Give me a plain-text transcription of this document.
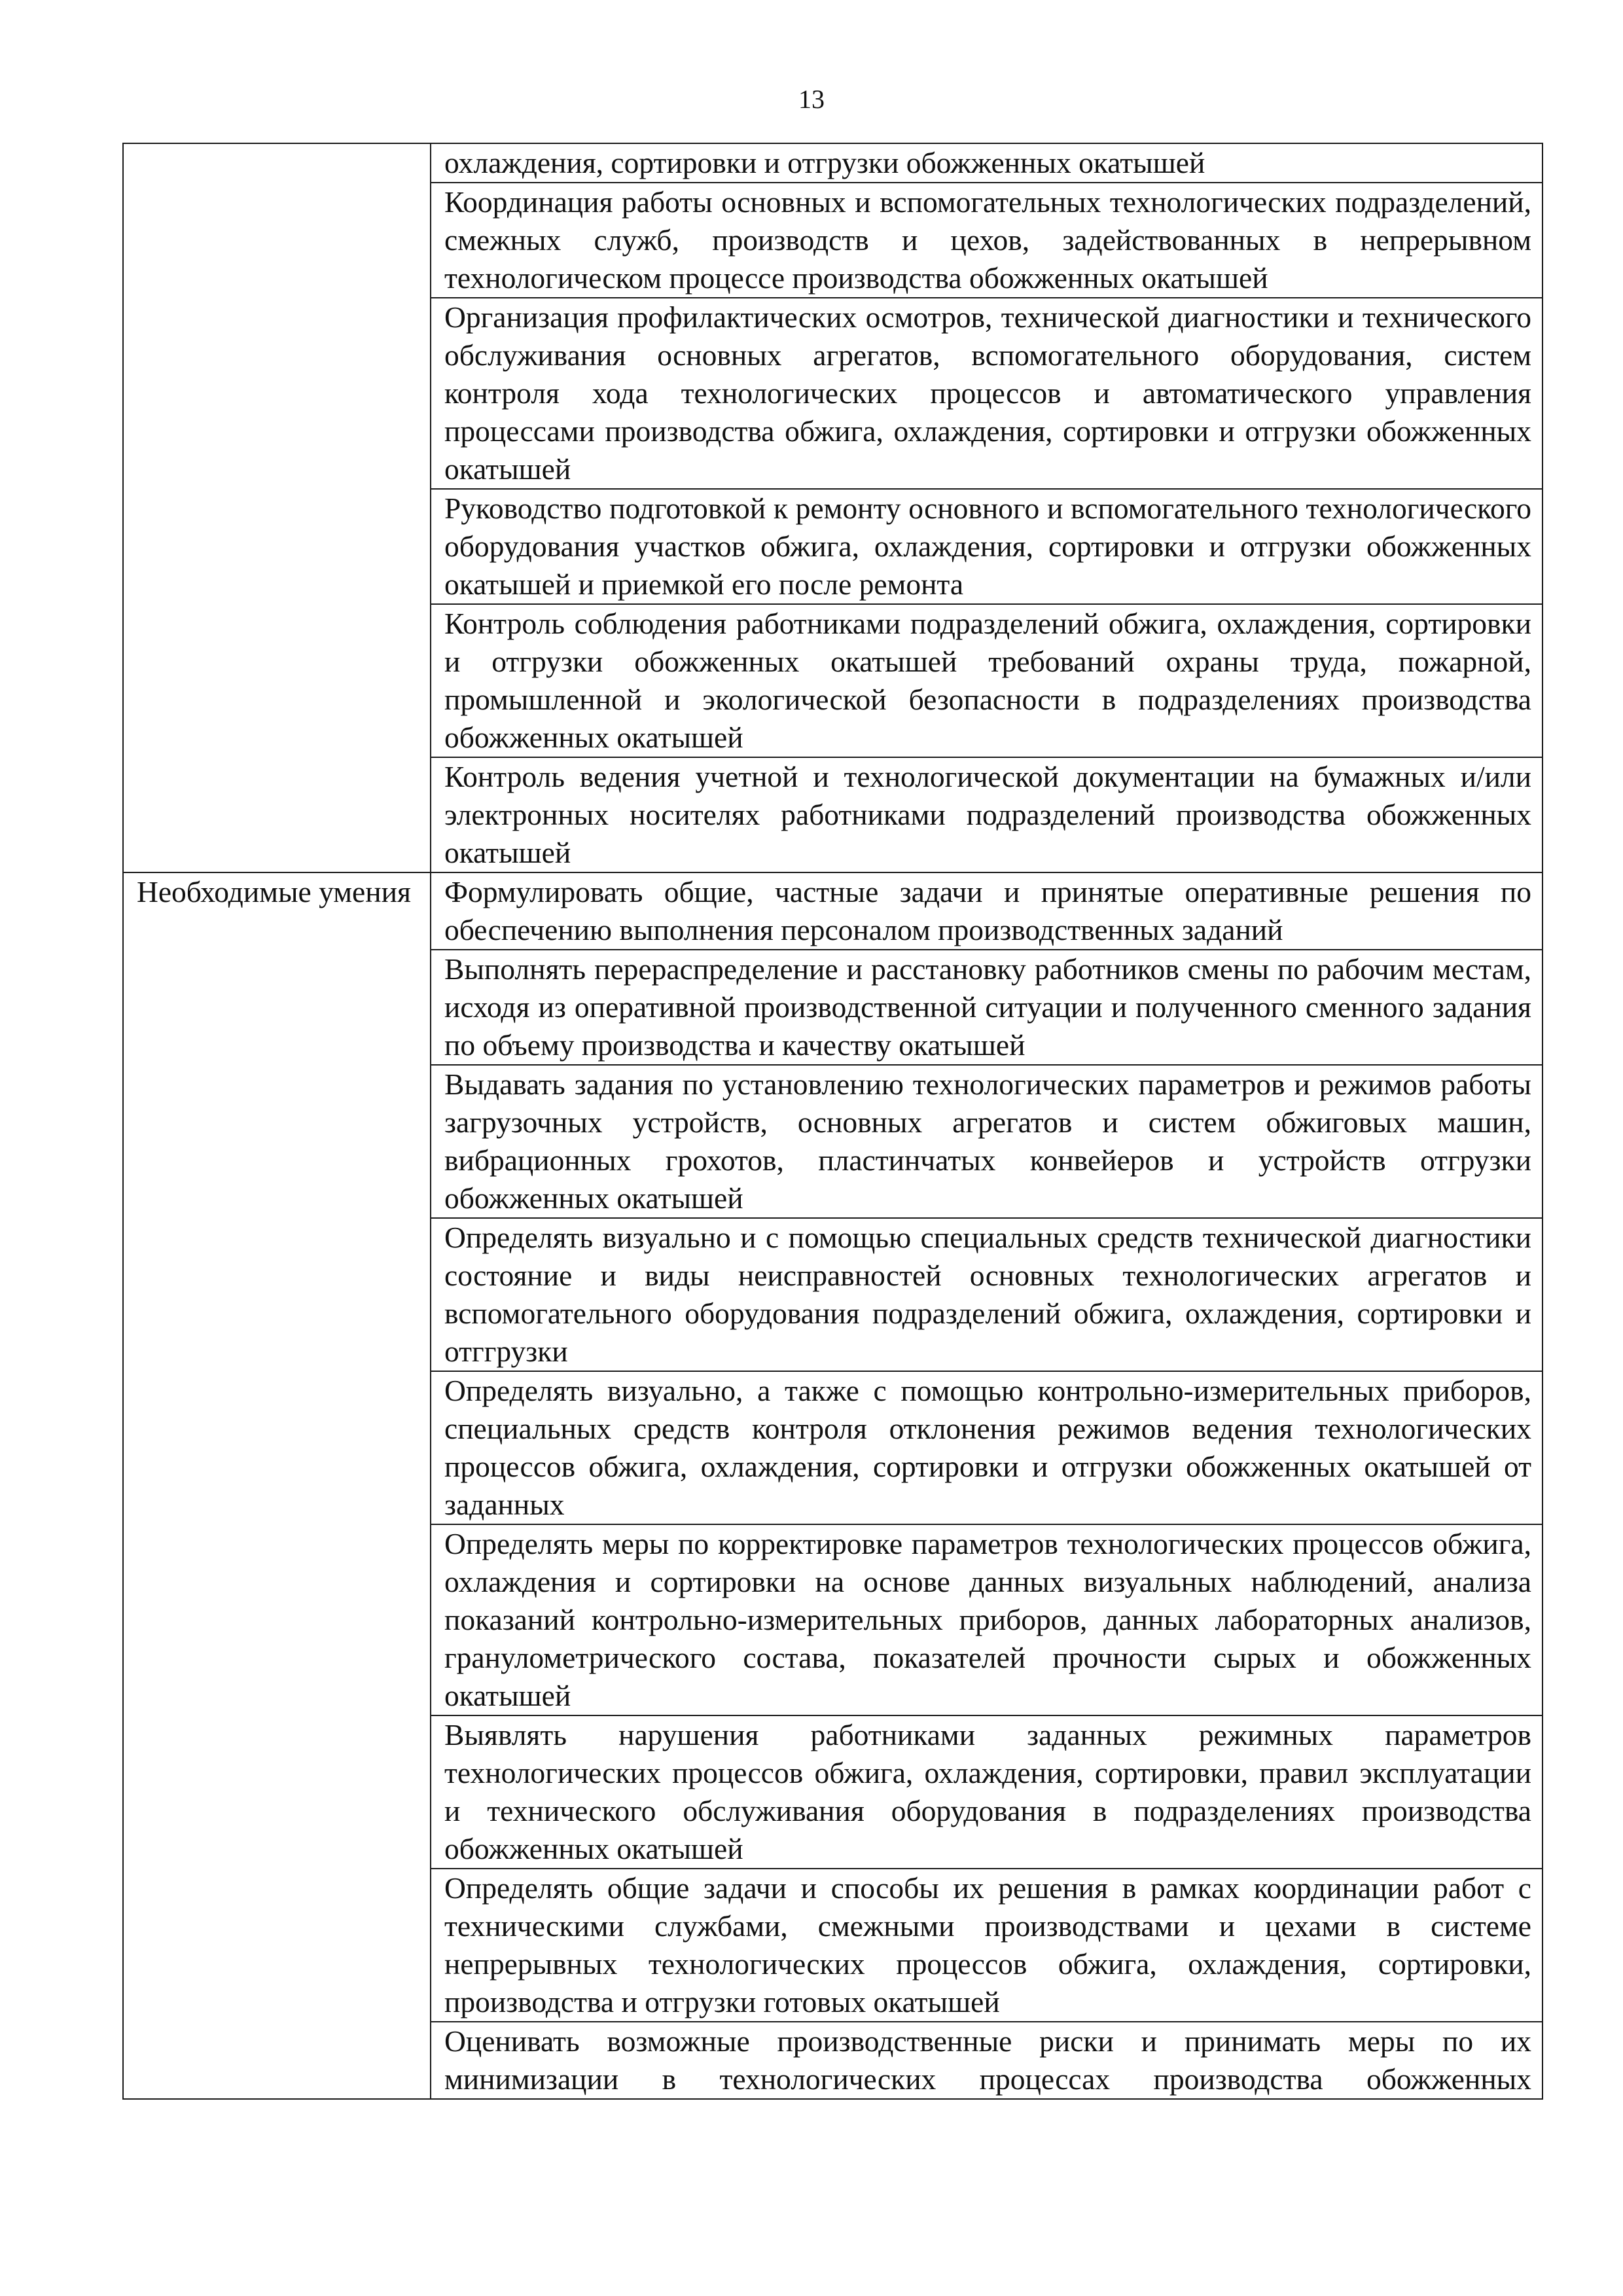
13
	охлаждения, сортировки и отгрузки обожженных окатышей
	Координация работы основных и вспомогательных технологических подразделений, смежных служб, производств и цехов, задействованных в непрерывном технологическом процессе производства обожженных окатышей
	Организация профилактических осмотров, технической диагностики и технического обслуживания основных агрегатов, вспомогательного оборудования, систем контроля хода технологических процессов и автоматического управления процессами производства обжига, охлаждения, сортировки и отгрузки обожженных окатышей
	Руководство подготовкой к ремонту основного и вспомогательного технологического оборудования участков обжига, охлаждения, сортировки и отгрузки обожженных окатышей и приемкой его после ремонта
	Контроль соблюдения работниками подразделений обжига, охлаждения, сортировки и отгрузки обожженных окатышей требований охраны труда, пожарной, промышленной и экологической безопасности в подразделениях производства обожженных окатышей
	Контроль ведения учетной и технологической документации на бумажных и/или электронных носителях работниками подразделений производства обожженных окатышей
Необходимые умения	Формулировать общие, частные задачи и принятые оперативные решения по обеспечению выполнения персоналом производственных заданий
	Выполнять перераспределение и расстановку работников смены по рабочим местам, исходя из оперативной производственной ситуации и полученного сменного задания по объему производства и качеству окатышей
	Выдавать задания по установлению технологических параметров и режимов работы загрузочных устройств, основных агрегатов и систем обжиговых машин, вибрационных грохотов, пластинчатых конвейеров и устройств отгрузки обожженных окатышей
	Определять визуально и с помощью специальных средств технической диагностики состояние и виды неисправностей основных технологических агрегатов и вспомогательного оборудования подразделений обжига, охлаждения, сортировки и отггрузки
	Определять визуально, а также с помощью контрольно-измерительных приборов, специальных средств контроля отклонения режимов ведения технологических процессов обжига, охлаждения, сортировки и отгрузки обожженных окатышей от заданных
	Определять меры по корректировке параметров технологических процессов обжига, охлаждения и сортировки на основе данных визуальных наблюдений, анализа показаний контрольно-измерительных приборов, данных лабораторных анализов, гранулометрического состава, показателей прочности сырых и обожженных окатышей
	Выявлять нарушения работниками заданных режимных параметров технологических процессов обжига, охлаждения, сортировки, правил эксплуатации и технического обслуживания оборудования в подразделениях производства обожженных окатышей
	Определять общие задачи и способы их решения в рамках координации работ с техническими службами, смежными производствами и цехами в системе непрерывных технологических процессов обжига, охлаждения, сортировки, производства и отгрузки готовых окатышей
	Оценивать возможные производственные риски и принимать меры по их минимизации в технологических процессах производства обожженных
